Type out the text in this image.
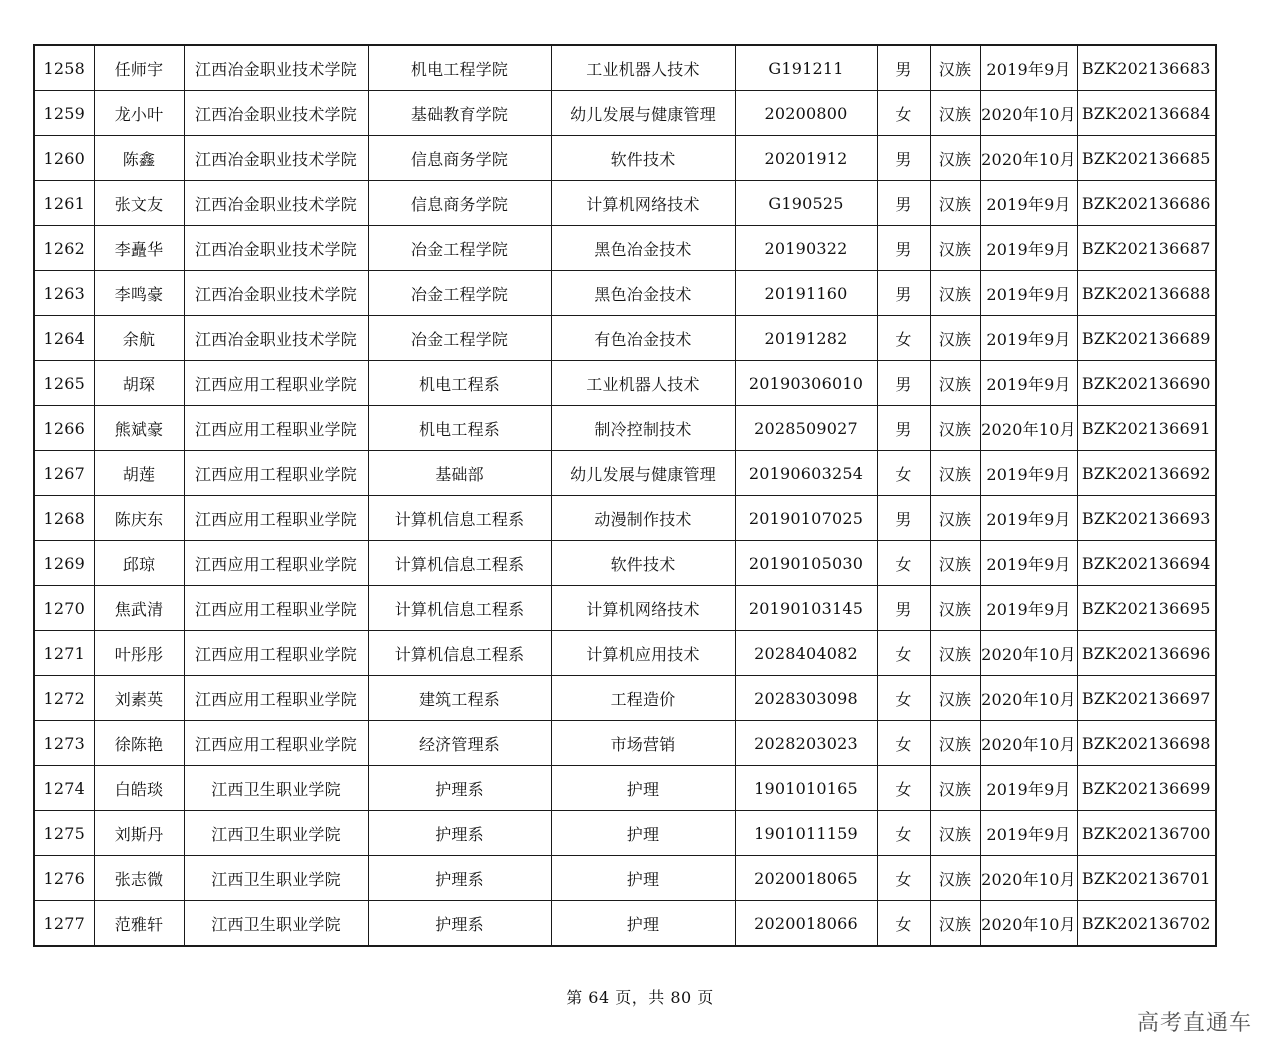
1258	任师宇	江西冶金职业技术学院	机电工程学院	工业机器人技术	G191211	男	汉族	2019年9月	BZK202136683
1259	龙小叶	江西冶金职业技术学院	基础教育学院	幼儿发展与健康管理	20200800	女	汉族	2020年10月	BZK202136684
1260	陈鑫	江西冶金职业技术学院	信息商务学院	软件技术	20201912	男	汉族	2020年10月	BZK202136685
1261	张文友	江西冶金职业技术学院	信息商务学院	计算机网络技术	G190525	男	汉族	2019年9月	BZK202136686
1262	李矗华	江西冶金职业技术学院	冶金工程学院	黑色冶金技术	20190322	男	汉族	2019年9月	BZK202136687
1263	李鸣豪	江西冶金职业技术学院	冶金工程学院	黑色冶金技术	20191160	男	汉族	2019年9月	BZK202136688
1264	余航	江西冶金职业技术学院	冶金工程学院	有色冶金技术	20191282	女	汉族	2019年9月	BZK202136689
1265	胡琛	江西应用工程职业学院	机电工程系	工业机器人技术	20190306010	男	汉族	2019年9月	BZK202136690
1266	熊斌豪	江西应用工程职业学院	机电工程系	制冷控制技术	2028509027	男	汉族	2020年10月	BZK202136691
1267	胡莲	江西应用工程职业学院	基础部	幼儿发展与健康管理	20190603254	女	汉族	2019年9月	BZK202136692
1268	陈庆东	江西应用工程职业学院	计算机信息工程系	动漫制作技术	20190107025	男	汉族	2019年9月	BZK202136693
1269	邱琼	江西应用工程职业学院	计算机信息工程系	软件技术	20190105030	女	汉族	2019年9月	BZK202136694
1270	焦武清	江西应用工程职业学院	计算机信息工程系	计算机网络技术	20190103145	男	汉族	2019年9月	BZK202136695
1271	叶彤彤	江西应用工程职业学院	计算机信息工程系	计算机应用技术	2028404082	女	汉族	2020年10月	BZK202136696
1272	刘素英	江西应用工程职业学院	建筑工程系	工程造价	2028303098	女	汉族	2020年10月	BZK202136697
1273	徐陈艳	江西应用工程职业学院	经济管理系	市场营销	2028203023	女	汉族	2020年10月	BZK202136698
1274	白皓琰	江西卫生职业学院	护理系	护理	1901010165	女	汉族	2019年9月	BZK202136699
1275	刘斯丹	江西卫生职业学院	护理系	护理	1901011159	女	汉族	2019年9月	BZK202136700
1276	张志微	江西卫生职业学院	护理系	护理	2020018065	女	汉族	2020年10月	BZK202136701
1277	范雅轩	江西卫生职业学院	护理系	护理	2020018066	女	汉族	2020年10月	BZK202136702
第 64 页，共 80 页
高考直通车
